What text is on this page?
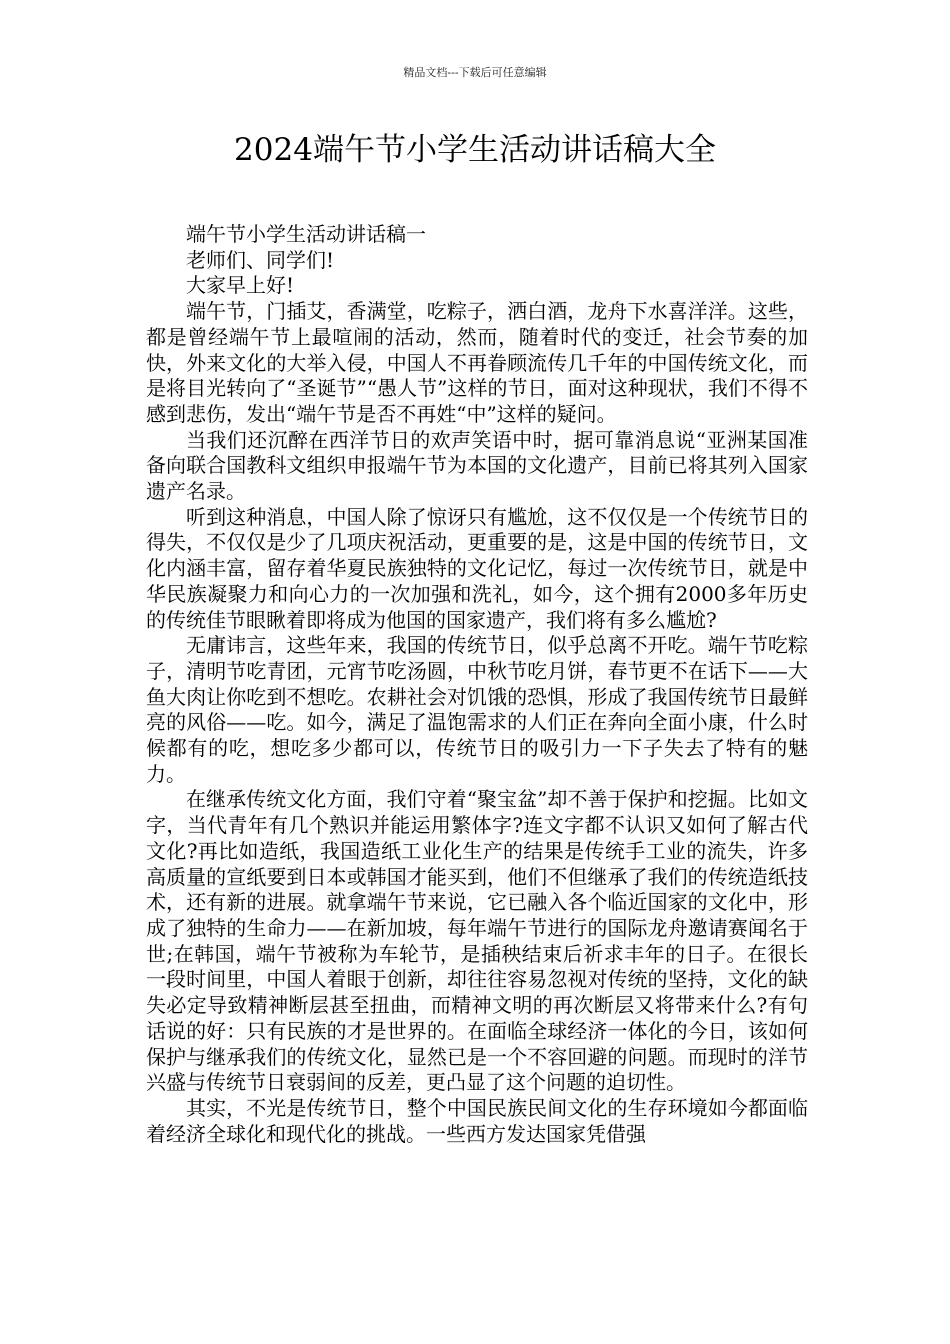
精品文档---下载后可任意编辑
2024端午节小学生活动讲话稿大全

端午节小学生活动讲话稿一

老师们、同学们!

大家早上好!

端午节，门插艾，香满堂，吃粽子，洒白酒，龙舟下水喜洋洋。这些，都是曾经端午节上最喧闹的活动，然而，随着时代的变迁，社会节奏的加快，外来文化的大举入侵，中国人不再眷顾流传几千年的中国传统文化，而是将目光转向了“圣诞节”“愚人节”这样的节日，面对这种现状，我们不得不感到悲伤，发出“端午节是否不再姓“中”这样的疑问。

当我们还沉醉在西洋节日的欢声笑语中时，据可靠消息说“亚洲某国准备向联合国教科文组织申报端午节为本国的文化遗产，目前已将其列入国家遗产名录。

听到这种消息，中国人除了惊讶只有尴尬，这不仅仅是一个传统节日的得失，不仅仅是少了几项庆祝活动，更重要的是，这是中国的传统节日，文化内涵丰富，留存着华夏民族独特的文化记忆，每过一次传统节日，就是中华民族凝聚力和向心力的一次加强和洗礼，如今，这个拥有2000多年历史的传统佳节眼瞅着即将成为他国的国家遗产，我们将有多么尴尬?

无庸讳言，这些年来，我国的传统节日，似乎总离不开吃。端午节吃粽子，清明节吃青团，元宵节吃汤圆，中秋节吃月饼，春节更不在话下——大鱼大肉让你吃到不想吃。农耕社会对饥饿的恐惧，形成了我国传统节日最鲜亮的风俗——吃。如今，满足了温饱需求的人们正在奔向全面小康，什么时候都有的吃，想吃多少都可以，传统节日的吸引力一下子失去了特有的魅力。

在继承传统文化方面，我们守着“聚宝盆”却不善于保护和挖掘。比如文字，当代青年有几个熟识并能运用繁体字?连文字都不认识又如何了解古代文化?再比如造纸，我国造纸工业化生产的结果是传统手工业的流失，许多高质量的宣纸要到日本或韩国才能买到，他们不但继承了我们的传统造纸技术，还有新的进展。就拿端午节来说，它已融入各个临近国家的文化中，形成了独特的生命力——在新加坡，每年端午节进行的国际龙舟邀请赛闻名于世;在韩国，端午节被称为车轮节，是插秧结束后祈求丰年的日子。在很长一段时间里，中国人着眼于创新，却往往容易忽视对传统的坚持，文化的缺失必定导致精神断层甚至扭曲，而精神文明的再次断层又将带来什么?有句话说的好：只有民族的才是世界的。在面临全球经济一体化的今日，该如何保护与继承我们的传统文化，显然已是一个不容回避的问题。而现时的洋节兴盛与传统节日衰弱间的反差，更凸显了这个问题的迫切性。

其实，不光是传统节日，整个中国民族民间文化的生存环境如今都面临着经济全球化和现代化的挑战。一些西方发达国家凭借强
